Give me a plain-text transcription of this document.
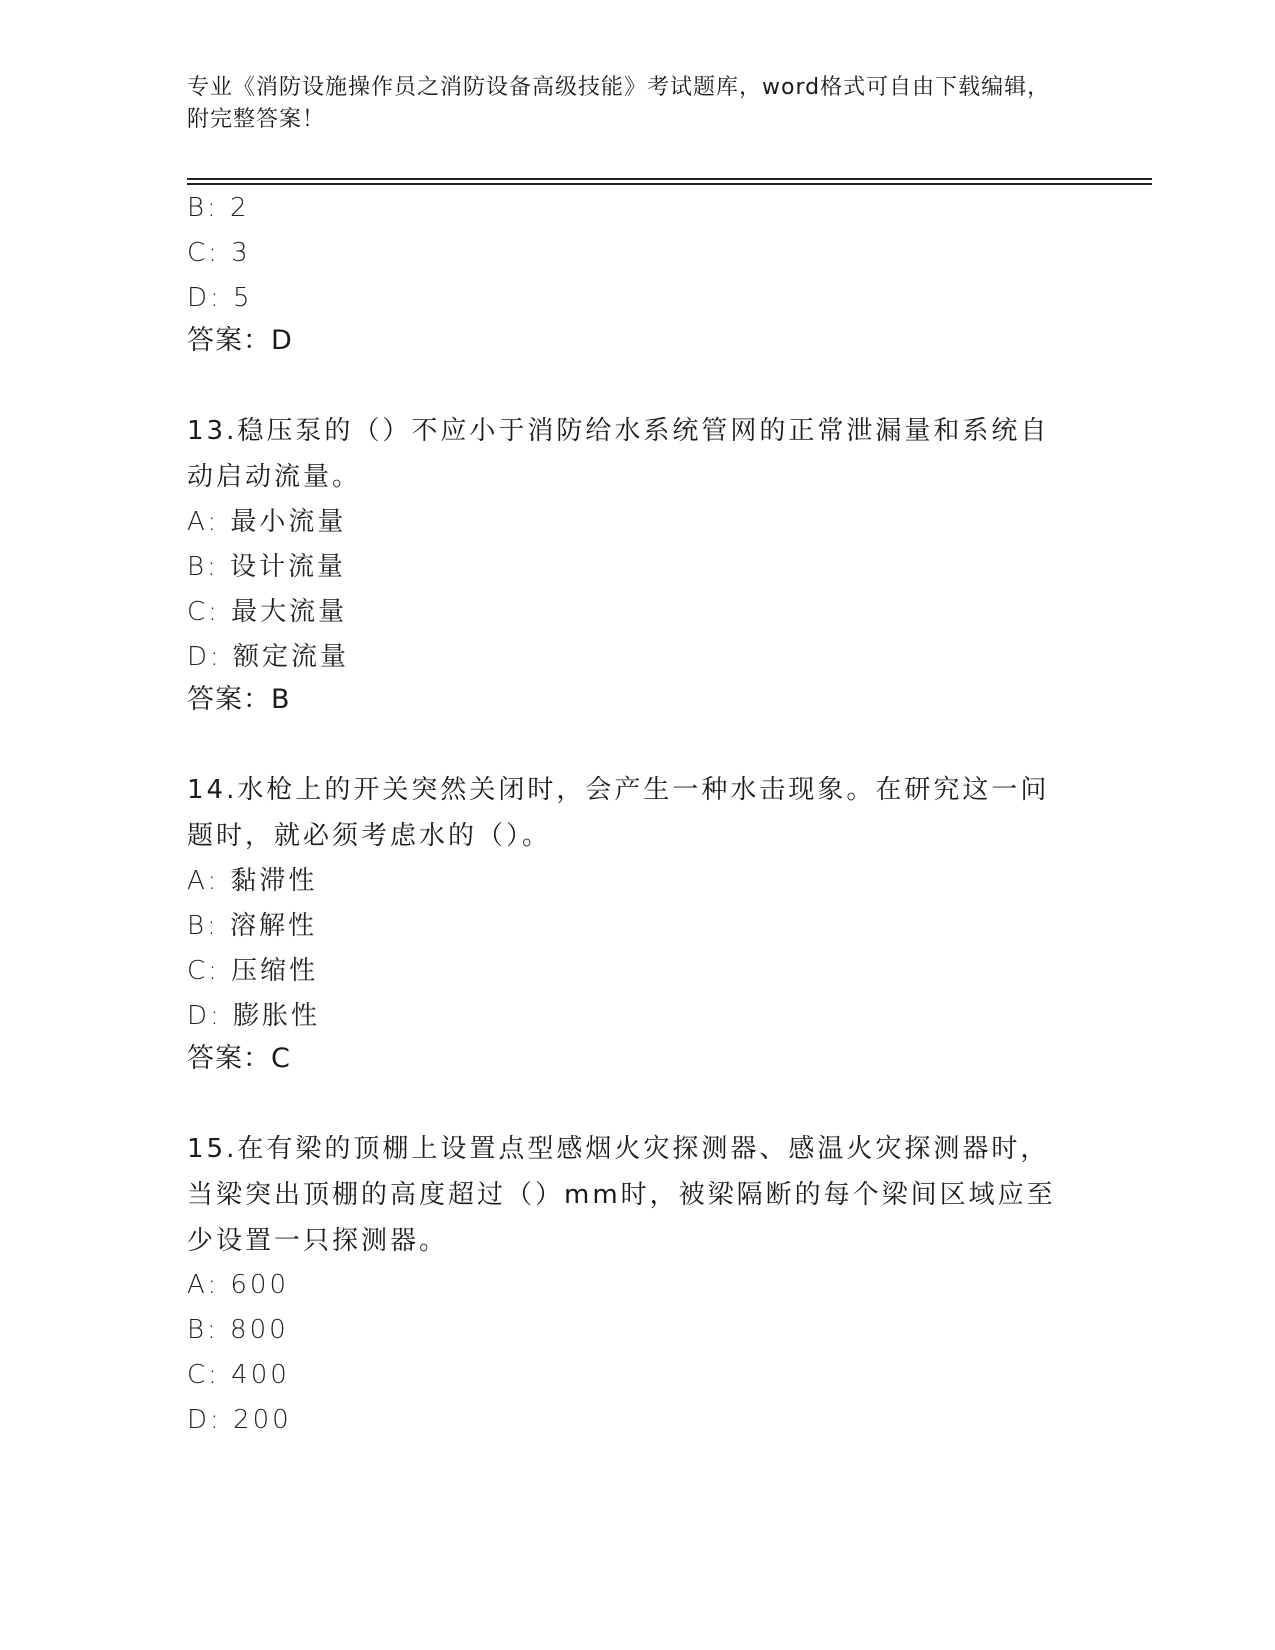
专业《消防设施操作员之消防设备高级技能》考试题库，word格式可自由下载编辑，附完整答案！
B: 2
C: 3
D: 5
答案：D
13.稳压泵的（）不应小于消防给水系统管网的正常泄漏量和系统自动启动流量。
A: 最小流量
B: 设计流量
C: 最大流量
D: 额定流量
答案：B
14.水枪上的开关突然关闭时，会产生一种水击现象。在研究这一问题时，就必须考虑水的（）。
A: 黏滞性
B: 溶解性
C: 压缩性
D: 膨胀性
答案：C
15.在有梁的顶棚上设置点型感烟火灾探测器、感温火灾探测器时，当梁突出顶棚的高度超过（）mm时，被梁隔断的每个梁间区域应至少设置一只探测器。
A: 600
B: 800
C: 400
D: 200
